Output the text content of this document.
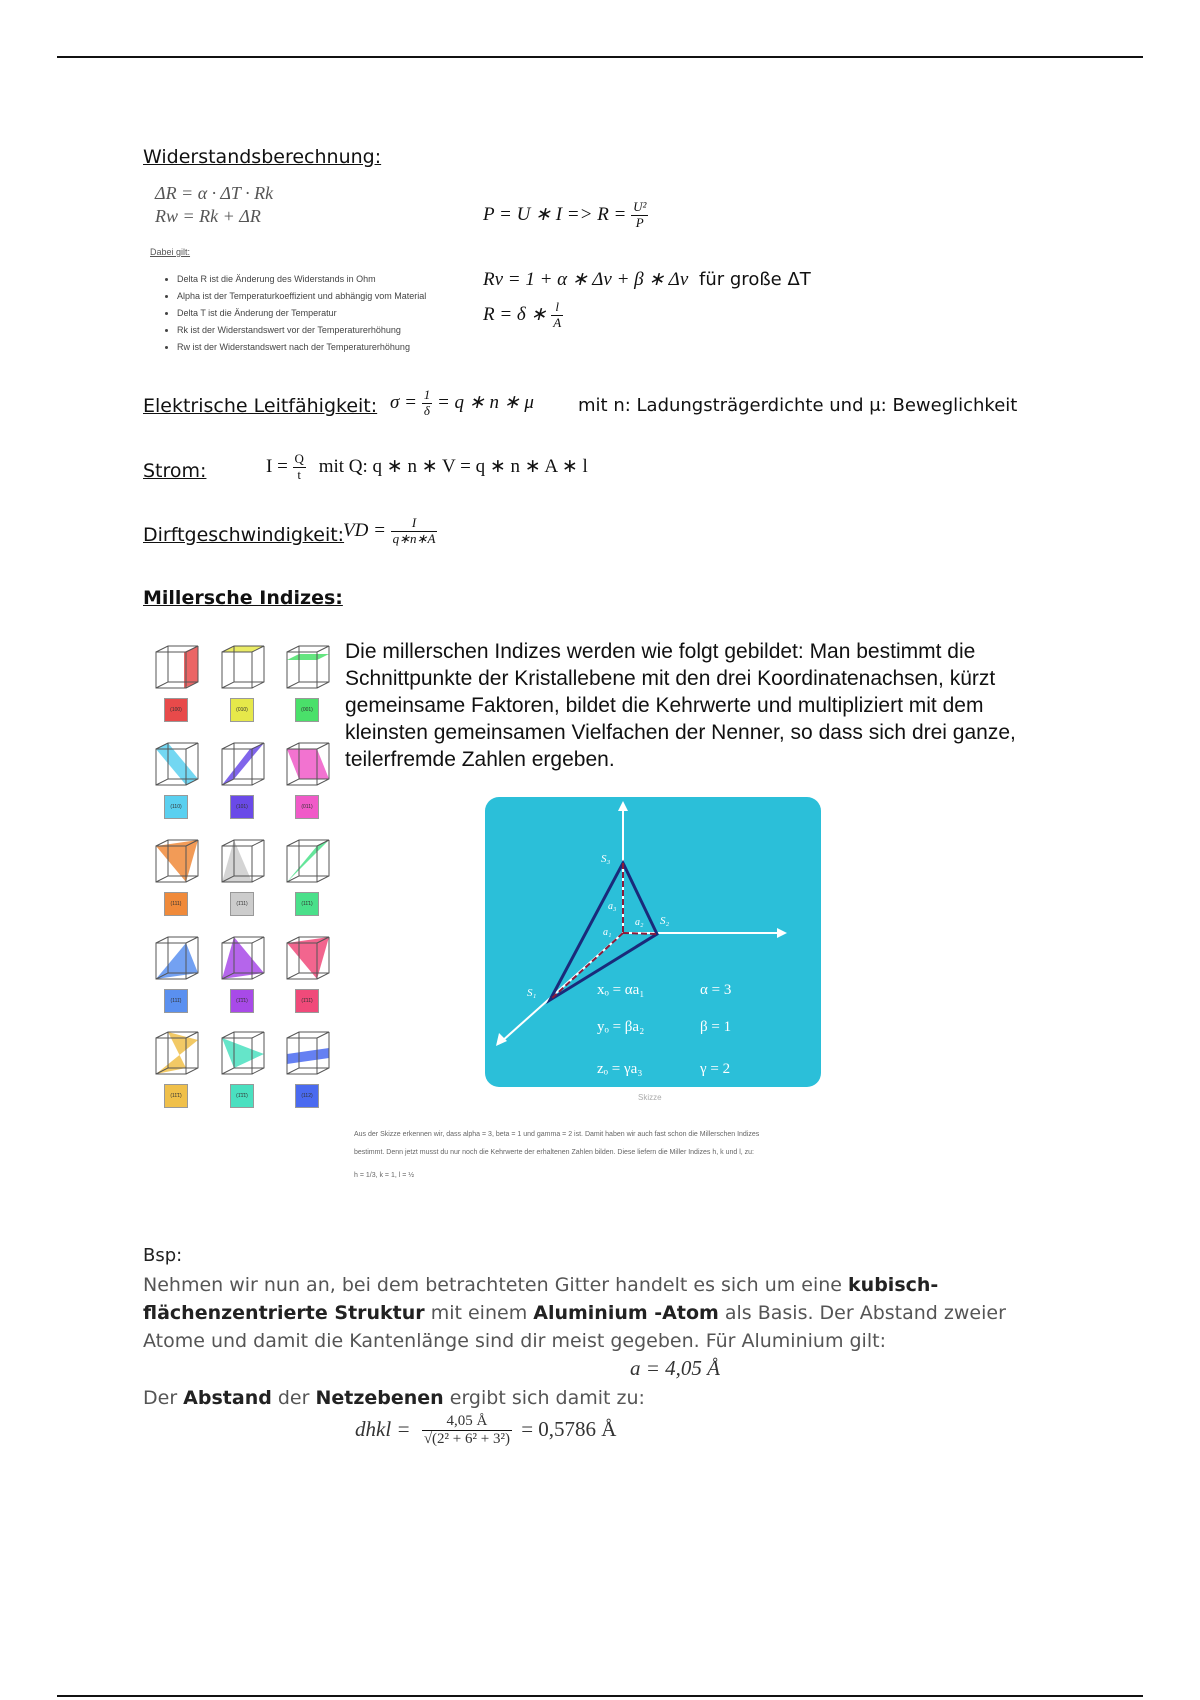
Widerstandsberechnung:
ΔR = α · ΔT · Rk
Rw = Rk + ΔR
Dabei gilt:
• Delta R ist die Änderung des Widerstands in Ohm
• Alpha ist der Temperaturkoeffizient und abhängig vom Material
• Delta T ist die Änderung der Temperatur
• Rk ist der Widerstandswert vor der Temperaturerhöhung
• Rw ist der Widerstandswert nach der Temperaturerhöhung
P = U ∗ $I => R = \frac{\text{U²}}{P}$
Rv = 1 + α ∗ Δv + β ∗ Δv für große ΔT
R = δ ∗ $\frac{l}{A}$
Elektrische Leitfähigkeit: $\sigma = \frac{1}{\delta} = q$ ∗ n ∗ μ mit n: Ladungsträgerdichte und μ: Beweglichkeit
Strom:	$I = \frac{Q}{t}$ mit Q: q ∗ n ∗ V = q ∗ n ∗ A ∗ l
Dirftgeschwindigkeit:
VD = $\frac{I}{q∗n∗A}$
Millersche Indizes:
(100)	(010)	(001)
(110)	(101)	(011)
(111)	(1̄11)	(11̄1)
(111̄)	(1̄1̄1)	(1̄11̄)
(11̄1̄)	(1̄1̄1̄)	(112)
Die millerschen Indizes werden wie folgt gebildet: Man bestimmt die Schnittpunkte der Kristallebene mit den drei Koordinatenachsen, kürzt gemeinsame Faktoren, bildet die Kehrwerte und multipliziert mit dem kleinsten gemeinsamen Vielfachen der Nenner, so dass sich drei ganze, teilerfremde Zahlen ergeben.
S₃
S₂
S₁
a₃
a₂
a₁
xₒ = αa₁
yₒ = βa₂
zₒ = γa₃
α = 3
β = 1
γ = 2
Skizze
Aus der Skizze erkennen wir, dass alpha = 3, beta = 1 und gamma = 2 ist. Damit haben wir auch fast schon die Millerschen Indizes
bestimmt. Denn jetzt musst du nur noch die Kehrwerte der erhaltenen Zahlen bilden. Diese liefern die Miller Indizes h, k und l, zu:
h = 1/3, k = 1, l = ½
Bsp:
Nehmen wir nun an, bei dem betrachteten Gitter handelt es sich um eine kubisch-flächenzentrierte Struktur mit einem Aluminium -Atom als Basis. Der Abstand zweier Atome und damit die Kantenlänge sind dir meist gegeben. Für Aluminium gilt:
a = 4,05 Å
Der Abstand der Netzebenen ergibt sich damit zu:
dhkl = $\frac{4,05 Å}{\text{√(2² + 6² + 3²)}} = 0,5786$ Å
